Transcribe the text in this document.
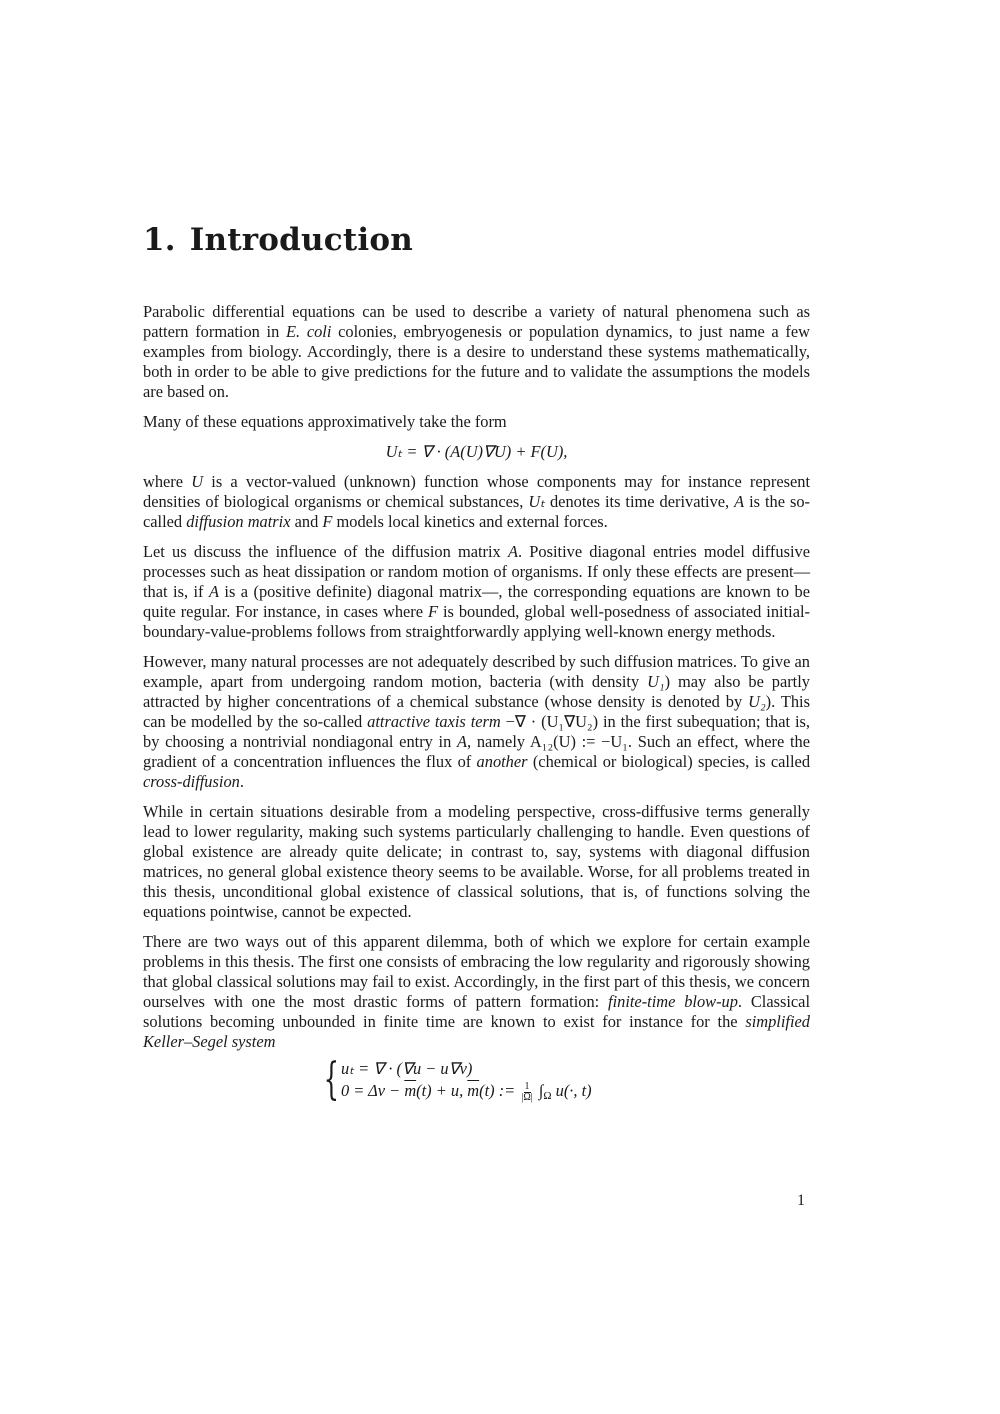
1. Introduction

Parabolic differential equations can be used to describe a variety of natural phenomena such as pattern formation in E. coli colonies, embryogenesis or population dynamics, to just name a few examples from biology. Accordingly, there is a desire to understand these systems mathematically, both in order to be able to give predictions for the future and to validate the assumptions the models are based on.

Many of these equations approximatively take the form

Uₜ = ∇ · (A(U)∇U) + F(U),

where U is a vector-valued (unknown) function whose components may for instance represent densities of biological organisms or chemical substances, Uₜ denotes its time derivative, A is the so-called diffusion matrix and F models local kinetics and external forces.

Let us discuss the influence of the diffusion matrix A. Positive diagonal entries model diffusive processes such as heat dissipation or random motion of organisms. If only these effects are present—that is, if A is a (positive definite) diagonal matrix—, the corresponding equations are known to be quite regular. For instance, in cases where F is bounded, global well-posedness of associated initial-boundary-value-problems follows from straightforwardly applying well-known energy methods.

However, many natural processes are not adequately described by such diffusion matrices. To give an example, apart from undergoing random motion, bacteria (with density U₁) may also be partly attracted by higher concentrations of a chemical substance (whose density is denoted by U₂). This can be modelled by the so-called attractive taxis term −∇ · (U₁∇U₂) in the first subequation; that is, by choosing a nontrivial nondiagonal entry in A, namely A₁₂(U) := −U₁. Such an effect, where the gradient of a concentration influences the flux of another (chemical or biological) species, is called cross-diffusion.

While in certain situations desirable from a modeling perspective, cross-diffusive terms generally lead to lower regularity, making such systems particularly challenging to handle. Even questions of global existence are already quite delicate; in contrast to, say, systems with diagonal diffusion matrices, no general global existence theory seems to be available. Worse, for all problems treated in this thesis, unconditional global existence of classical solutions, that is, of functions solving the equations pointwise, cannot be expected.

There are two ways out of this apparent dilemma, both of which we explore for certain example problems in this thesis. The first one consists of embracing the low regularity and rigorously showing that global classical solutions may fail to exist. Accordingly, in the first part of this thesis, we concern ourselves with one the most drastic forms of pattern formation: finite-time blow-up. Classical solutions becoming unbounded in finite time are known to exist for instance for the simplified Keller–Segel system

{ uₜ = ∇ · (∇u − u∇v)
$0 = \Delta v - \overline{m}(t) + u$, $\overline{m}(t)$ := $\frac{1}{|\Omega|} \int_\Omega$ u(·, t)
1
